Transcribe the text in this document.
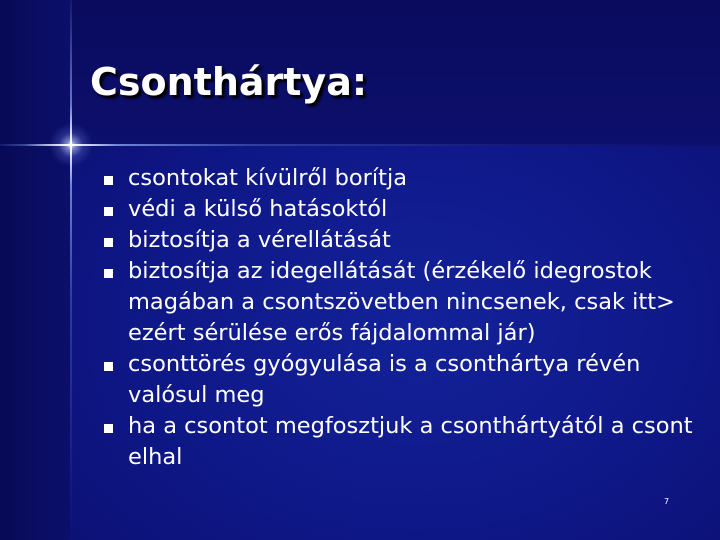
Csonthártya:
csontokat kívülről borítja
védi a külső hatásoktól
biztosítja a vérellátását
biztosítja az idegellátását (érzékelő idegrostok magában a csontszövetben nincsenek, csak itt> ezért sérülése erős fájdalommal jár)
csonttörés gyógyulása is a csonthártya révén valósul meg
ha a csontot megfosztjuk a csonthártyától a csont elhal
7
